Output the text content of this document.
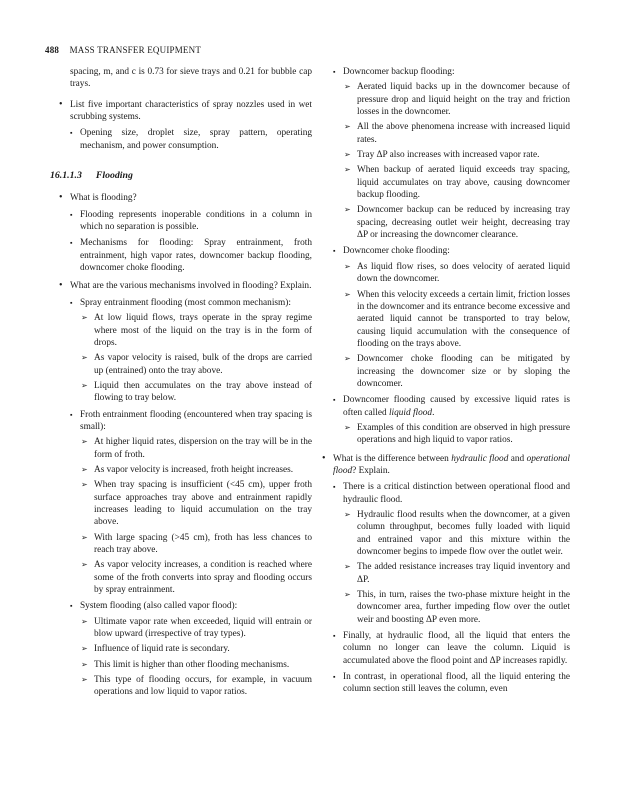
488 MASS TRANSFER EQUIPMENT
spacing, m, and c is 0.73 for sieve trays and 0.21 for bubble cap trays.
• List five important characteristics of spray nozzles used in wet scrubbing systems.
▪ Opening size, droplet size, spray pattern, operating mechanism, and power consumption.
16.1.1.3 Flooding
• What is flooding?
▪ Flooding represents inoperable conditions in a column in which no separation is possible.
▪ Mechanisms for flooding: Spray entrainment, froth entrainment, high vapor rates, downcomer backup flooding, downcomer choke flooding.
• What are the various mechanisms involved in flooding? Explain.
▪ Spray entrainment flooding (most common mechanism):
➢ At low liquid flows, trays operate in the spray regime where most of the liquid on the tray is in the form of drops.
➢ As vapor velocity is raised, bulk of the drops are carried up (entrained) onto the tray above.
➢ Liquid then accumulates on the tray above instead of flowing to tray below.
▪ Froth entrainment flooding (encountered when tray spacing is small):
➢ At higher liquid rates, dispersion on the tray will be in the form of froth.
➢ As vapor velocity is increased, froth height increases.
➢ When tray spacing is insufficient (<45 cm), upper froth surface approaches tray above and entrainment rapidly increases leading to liquid accumulation on the tray above.
➢ With large spacing (>45 cm), froth has less chances to reach tray above.
➢ As vapor velocity increases, a condition is reached where some of the froth converts into spray and flooding occurs by spray entrainment.
▪ System flooding (also called vapor flood):
➢ Ultimate vapor rate when exceeded, liquid will entrain or blow upward (irrespective of tray types).
➢ Influence of liquid rate is secondary.
➢ This limit is higher than other flooding mechanisms.
➢ This type of flooding occurs, for example, in vacuum operations and low liquid to vapor ratios.
▪ Downcomer backup flooding:
➢ Aerated liquid backs up in the downcomer because of pressure drop and liquid height on the tray and friction losses in the downcomer.
➢ All the above phenomena increase with increased liquid rates.
➢ Tray ΔP also increases with increased vapor rate.
➢ When backup of aerated liquid exceeds tray spacing, liquid accumulates on tray above, causing downcomer backup flooding.
➢ Downcomer backup can be reduced by increasing tray spacing, decreasing outlet weir height, decreasing tray ΔP or increasing the downcomer clearance.
▪ Downcomer choke flooding:
➢ As liquid flow rises, so does velocity of aerated liquid down the downcomer.
➢ When this velocity exceeds a certain limit, friction losses in the downcomer and its entrance become excessive and aerated liquid cannot be transported to tray below, causing liquid accumulation with the consequence of flooding on the trays above.
➢ Downcomer choke flooding can be mitigated by increasing the downcomer size or by sloping the downcomer.
▪ Downcomer flooding caused by excessive liquid rates is often called liquid flood.
➢ Examples of this condition are observed in high pressure operations and high liquid to vapor ratios.
• What is the difference between hydraulic flood and operational flood? Explain.
▪ There is a critical distinction between operational flood and hydraulic flood.
➢ Hydraulic flood results when the downcomer, at a given column throughput, becomes fully loaded with liquid and entrained vapor and this mixture within the downcomer begins to impede flow over the outlet weir.
➢ The added resistance increases tray liquid inventory and ΔP.
➢ This, in turn, raises the two-phase mixture height in the downcomer area, further impeding flow over the outlet weir and boosting ΔP even more.
▪ Finally, at hydraulic flood, all the liquid that enters the column no longer can leave the column. Liquid is accumulated above the flood point and ΔP increases rapidly.
▪ In contrast, in operational flood, all the liquid entering the column section still leaves the column, even
